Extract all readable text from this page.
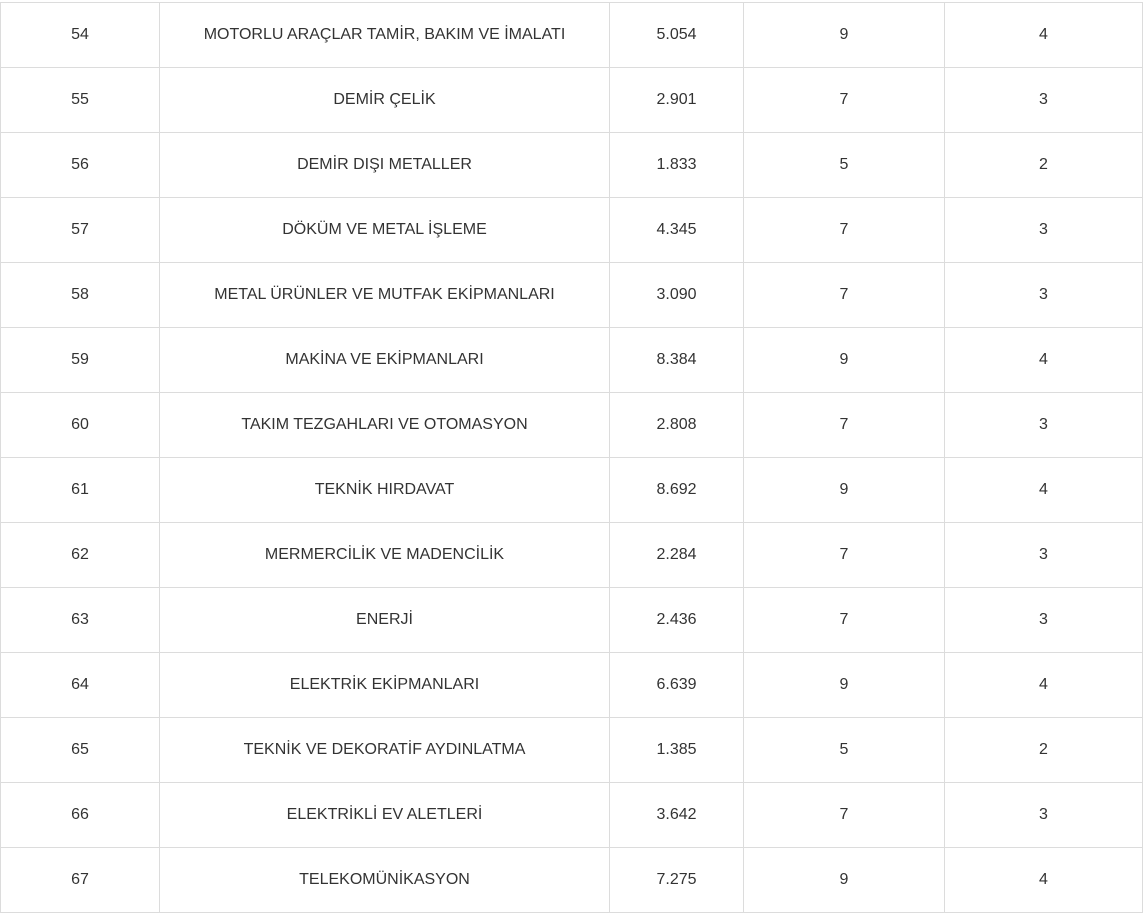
54	MOTORLU ARAÇLAR TAMİR, BAKIM VE İMALATI	5.054	9	4
55	DEMİR ÇELİK	2.901	7	3
56	DEMİR DIŞI METALLER	1.833	5	2
57	DÖKÜM VE METAL İŞLEME	4.345	7	3
58	METAL ÜRÜNLER VE MUTFAK EKİPMANLARI	3.090	7	3
59	MAKİNA VE EKİPMANLARI	8.384	9	4
60	TAKIM TEZGAHLARI VE OTOMASYON	2.808	7	3
61	TEKNİK HIRDAVAT	8.692	9	4
62	MERMERCİLİK VE MADENCİLİK	2.284	7	3
63	ENERJİ	2.436	7	3
64	ELEKTRİK EKİPMANLARI	6.639	9	4
65	TEKNİK VE DEKORATİF AYDINLATMA	1.385	5	2
66	ELEKTRİKLİ EV ALETLERİ	3.642	7	3
67	TELEKOMÜNİKASYON	7.275	9	4
